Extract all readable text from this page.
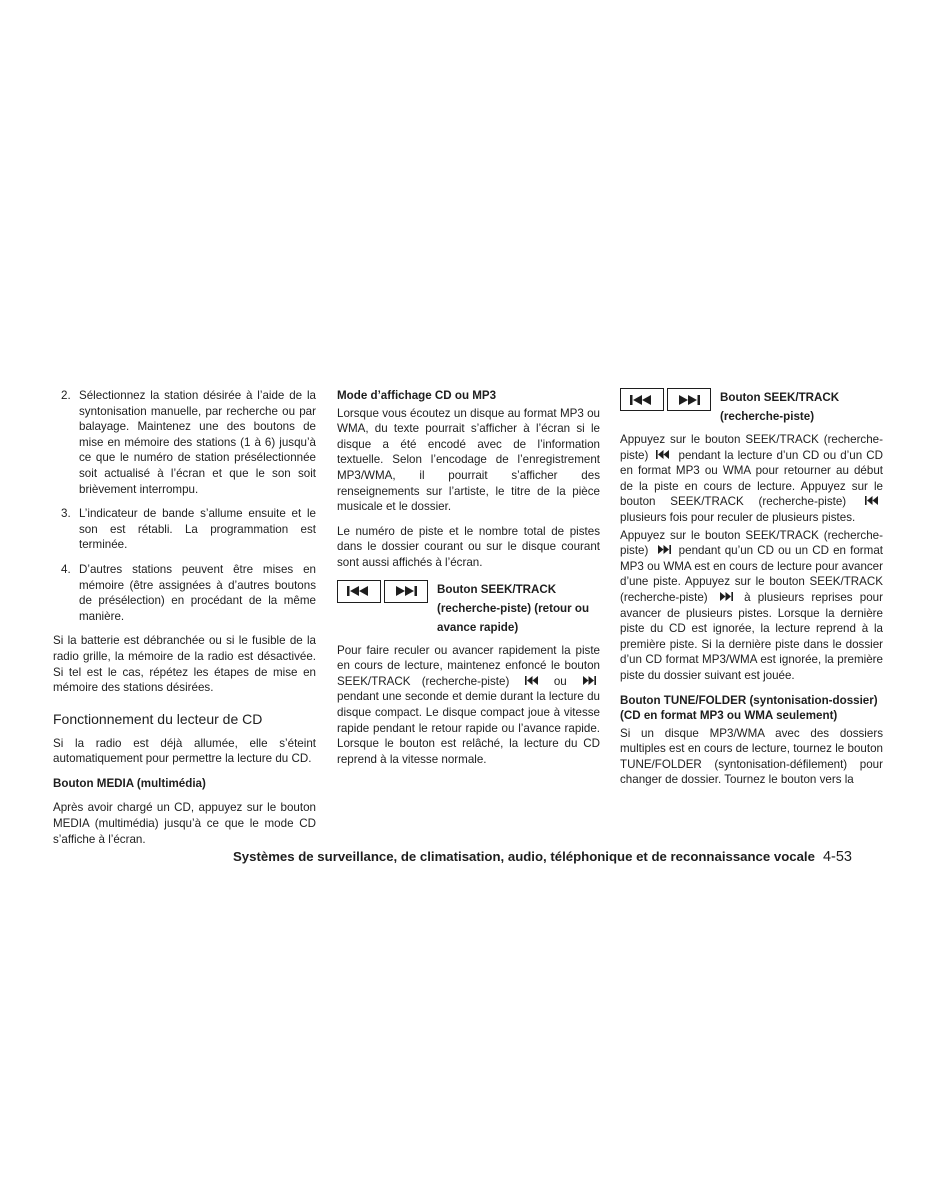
2. Sélectionnez la station désirée à l’aide de la syntonisation manuelle, par recherche ou par balayage. Maintenez une des boutons de mise en mémoire des stations (1 à 6) jusqu’à ce que le numéro de station présélectionnée soit actualisé à l’écran et que le son soit brièvement interrompu.
3. L’indicateur de bande s’allume ensuite et le son est rétabli. La programmation est terminée.
4. D’autres stations peuvent être mises en mémoire (être assignées à d’autres boutons de présélection) en procédant de la même manière.

Si la batterie est débranchée ou si le fusible de la radio grille, la mémoire de la radio est désactivée. Si tel est le cas, répétez les étapes de mise en mémoire des stations désirées.

Fonctionnement du lecteur de CD

Si la radio est déjà allumée, elle s’éteint automatiquement pour permettre la lecture du CD.

Bouton MEDIA (multimédia)

Après avoir chargé un CD, appuyez sur le bouton MEDIA (multimédia) jusqu’à ce que le mode CD s’affiche à l’écran.

Mode d’affichage CD ou MP3

Lorsque vous écoutez un disque au format MP3 ou WMA, du texte pourrait s’afficher à l’écran si le disque a été encodé avec de l’information textuelle. Selon l’encodage de l’enregistrement MP3/WMA, il pourrait s’afficher des renseignements sur l’artiste, le titre de la pièce musicale et le dossier.

Le numéro de piste et le nombre total de pistes dans le dossier courant ou sur le disque courant sont aussi affichés à l’écran.

Bouton SEEK/TRACK (recherche-piste) (retour ou avance rapide)

Pour faire reculer ou avancer rapidement la piste en cours de lecture, maintenez enfoncé le bouton SEEK/TRACK (recherche-piste)	ou  pendant une seconde et demie durant la lecture du disque compact. Le disque compact joue à vitesse rapide pendant le retour rapide ou l’avance rapide. Lorsque le bouton est relâché, la lecture du CD reprend à la vitesse normale.

Bouton SEEK/TRACK (recherche-piste)

Appuyez sur le bouton SEEK/TRACK (recherche-piste)	pendant la lecture d’un CD ou d’un CD en format MP3 ou WMA pour retourner au début de la piste en cours de lecture. Appuyez sur le bouton SEEK/TRACK (recherche-piste)  plusieurs fois pour reculer de plusieurs pistes.

Appuyez sur le bouton SEEK/TRACK (recherche-piste)	pendant qu’un CD ou un CD en format MP3 ou WMA est en cours de lecture pour avancer d’une piste. Appuyez sur le bouton SEEK/TRACK (recherche-piste)	à plusieurs reprises pour avancer de plusieurs pistes. Lorsque la dernière piste du CD est ignorée, la lecture reprend à la première piste. Si la dernière piste dans le dossier d’un CD format MP3/WMA est ignorée, la première piste du dossier suivant est jouée.

Bouton TUNE/FOLDER (syntonisation-dossier) (CD en format MP3 ou WMA seulement)

Si un disque MP3/WMA avec des dossiers multiples est en cours de lecture, tournez le bouton TUNE/FOLDER (syntonisation-défilement) pour changer de dossier. Tournez le bouton vers la

Systèmes de surveillance, de climatisation, audio, téléphonique et de reconnaissance vocale 4-53
